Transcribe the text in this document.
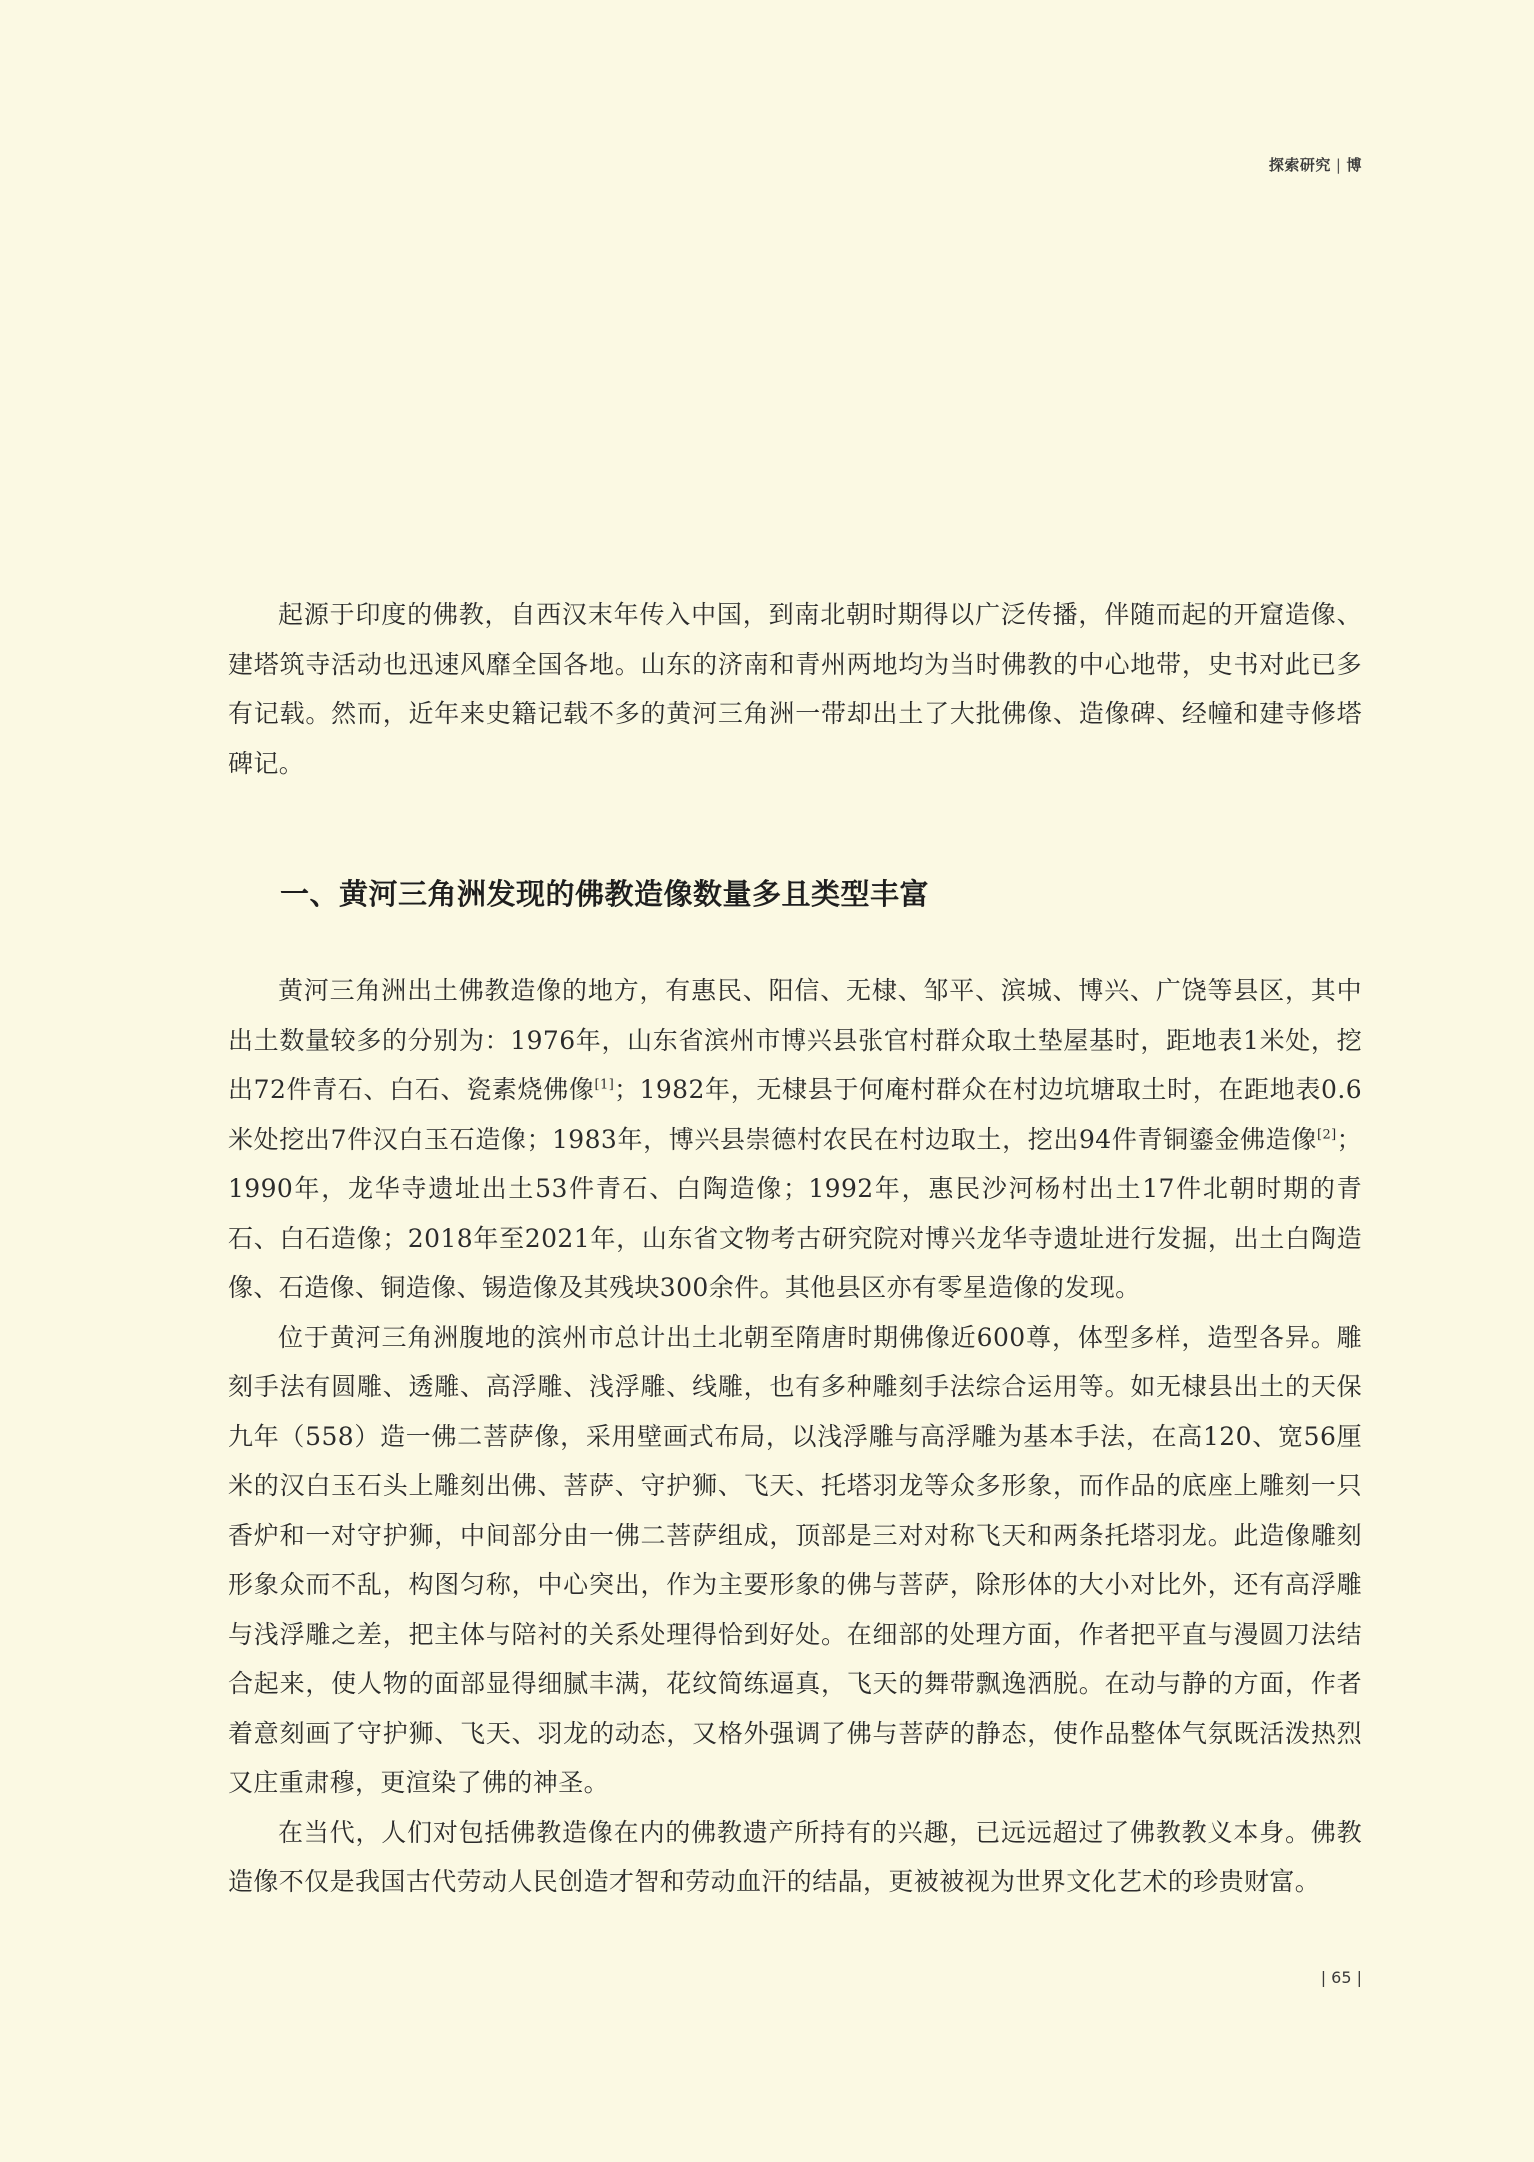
探索研究 | 博

起源于印度的佛教，自西汉末年传入中国，到南北朝时期得以广泛传播，伴随而起的开窟造像、建塔筑寺活动也迅速风靡全国各地。山东的济南和青州两地均为当时佛教的中心地带，史书对此已多有记载。然而，近年来史籍记载不多的黄河三角洲一带却出土了大批佛像、造像碑、经幢和建寺修塔碑记。

一、黄河三角洲发现的佛教造像数量多且类型丰富

黄河三角洲出土佛教造像的地方，有惠民、阳信、无棣、邹平、滨城、博兴、广饶等县区，其中出土数量较多的分别为：1976年，山东省滨州市博兴县张官村群众取土垫屋基时，距地表1米处，挖出72件青石、白石、瓷素烧佛像[1]；1982年，无棣县于何庵村群众在村边坑塘取土时，在距地表0.6米处挖出7件汉白玉石造像；1983年，博兴县崇德村农民在村边取土，挖出94件青铜鎏金佛造像[2]；1990年，龙华寺遗址出土53件青石、白陶造像；1992年，惠民沙河杨村出土17件北朝时期的青石、白石造像；2018年至2021年，山东省文物考古研究院对博兴龙华寺遗址进行发掘，出土白陶造像、石造像、铜造像、锡造像及其残块300余件。其他县区亦有零星造像的发现。

位于黄河三角洲腹地的滨州市总计出土北朝至隋唐时期佛像近600尊，体型多样，造型各异。雕刻手法有圆雕、透雕、高浮雕、浅浮雕、线雕，也有多种雕刻手法综合运用等。如无棣县出土的天保九年（558）造一佛二菩萨像，采用壁画式布局，以浅浮雕与高浮雕为基本手法，在高120、宽56厘米的汉白玉石头上雕刻出佛、菩萨、守护狮、飞天、托塔羽龙等众多形象，而作品的底座上雕刻一只香炉和一对守护狮，中间部分由一佛二菩萨组成，顶部是三对对称飞天和两条托塔羽龙。此造像雕刻形象众而不乱，构图匀称，中心突出，作为主要形象的佛与菩萨，除形体的大小对比外，还有高浮雕与浅浮雕之差，把主体与陪衬的关系处理得恰到好处。在细部的处理方面，作者把平直与漫圆刀法结合起来，使人物的面部显得细腻丰满，花纹简练逼真，飞天的舞带飘逸洒脱。在动与静的方面，作者着意刻画了守护狮、飞天、羽龙的动态，又格外强调了佛与菩萨的静态，使作品整体气氛既活泼热烈又庄重肃穆，更渲染了佛的神圣。

在当代，人们对包括佛教造像在内的佛教遗产所持有的兴趣，已远远超过了佛教教义本身。佛教造像不仅是我国古代劳动人民创造才智和劳动血汗的结晶，更被被视为世界文化艺术的珍贵财富。

| 65 |
